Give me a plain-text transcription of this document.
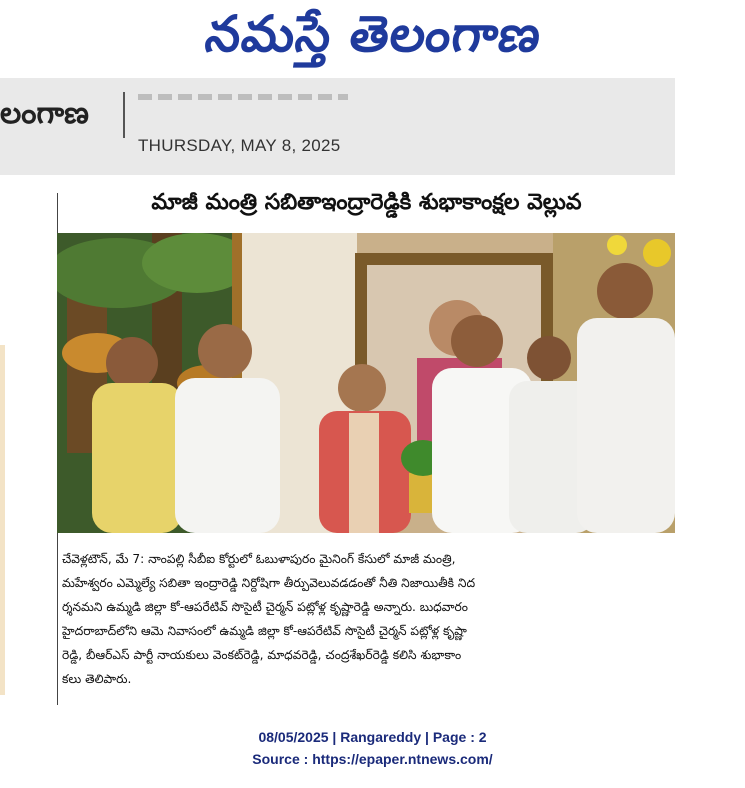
నమస్తే తెలంగాణ
లంగాణ
THURSDAY, MAY 8, 2025
మాజీ మంత్రి సబితాఇంద్రారెడ్డికి శుభాకాంక్షల వెల్లువ
చేవెళ్లటౌన్, మే 7: నాంపల్లి సీబీఐ కోర్టులో ఓబుళాపురం మైనింగ్ కేసులో మాజీ మంత్రి,
మహేశ్వరం ఎమ్మెల్యే సబితా ఇంద్రారెడ్డి నిర్దోషిగా తీర్పువెలువడడంతో నీతి నిజాయితీకి నిద
ర్శనమని ఉమ్మడి జిల్లా కో-ఆపరేటివ్ సొసైటీ చైర్మన్ పట్లోళ్ల కృష్ణారెడ్డి అన్నారు. బుధవారం
హైదరాబాద్‌లోని ఆమె నివాసంలో ఉమ్మడి జిల్లా కో-ఆపరేటివ్ సొసైటీ చైర్మన్ పట్లోళ్ల కృష్ణా
రెడ్డి, బీఆర్ఎస్ పార్టీ నాయకులు వెంకట్‌రెడ్డి, మాధవరెడ్డి, చంద్రశేఖర్‌రెడ్డి కలిసి శుభాకాం
కలు తెలిపారు.
08/05/2025 | Rangareddy | Page : 2
Source : https://epaper.ntnews.com/
